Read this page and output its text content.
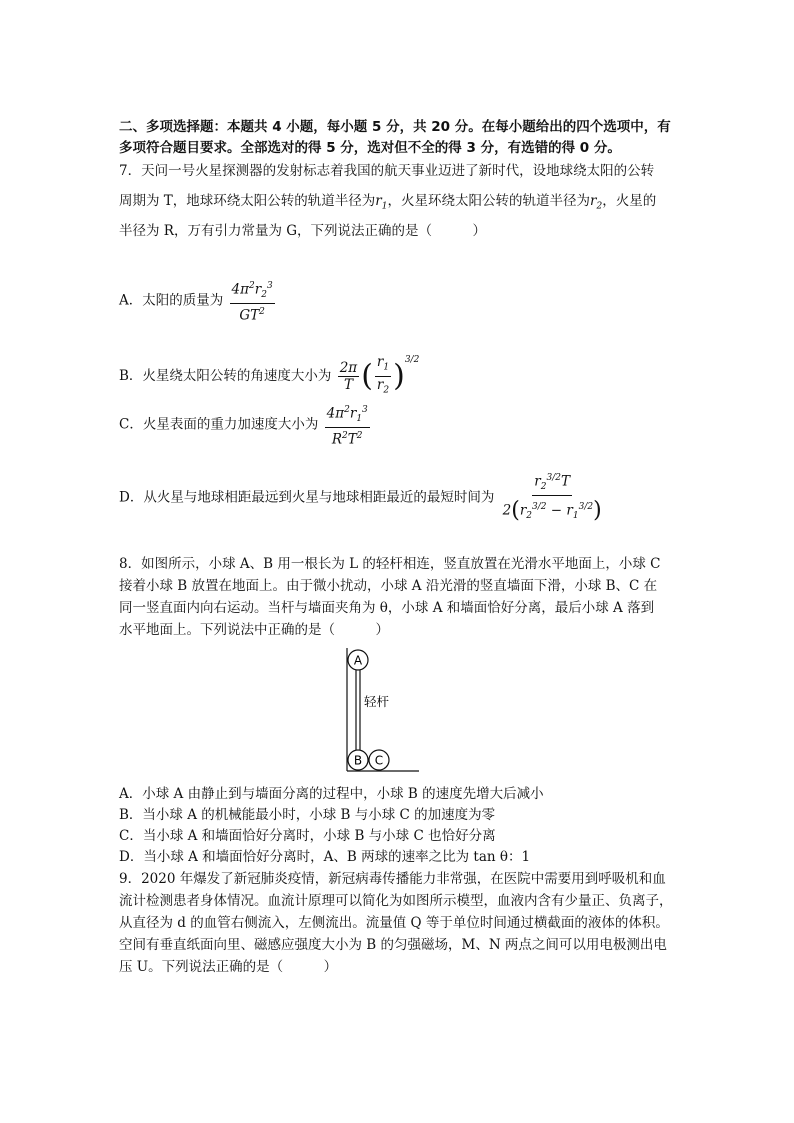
二、多项选择题：本题共 4 小题，每小题 5 分，共 20 分。在每小题给出的四个选项中，有
多项符合题目要求。全部选对的得 5 分，选对但不全的得 3 分，有选错的得 0 分。
7．天问一号火星探测器的发射标志着我国的航天事业迈进了新时代，设地球绕太阳的公转
周期为 T，地球环绕太阳公转的轨道半径为$r_1$，火星环绕太阳公转的轨道半径为$r_2$，火星的
半径为 R，万有引力常量为 G，下列说法正确的是（　　　）
A．太阳的质量为 $\frac{4\pi^2r_2^3}{GT^2}$
B．火星绕太阳公转的角速度大小为 $\frac{2\pi}{T}$ ( $\frac{r_1}{r_2} )^{3/2}$
C．火星表面的重力加速度大小为 $\frac{4\pi^2r_1^3}{R^2T^2}$
D．从火星与地球相距最远到火星与地球相距最近的最短时间为 $\frac{r_2^{3/2}T}{2(r_2^{3/2} - r_1^{3/2})}$
8．如图所示，小球 A、B 用一根长为 L 的轻杆相连，竖直放置在光滑水平地面上，小球 C
接着小球 B 放置在地面上。由于微小扰动，小球 A 沿光滑的竖直墙面下滑，小球 B、C 在
同一竖直面内向右运动。当杆与墙面夹角为 θ，小球 A 和墙面恰好分离，最后小球 A 落到
水平地面上。下列说法中正确的是（　　　）
A
B C
轻杆
A．小球 A 由静止到与墙面分离的过程中，小球 B 的速度先增大后减小
B．当小球 A 的机械能最小时，小球 B 与小球 C 的加速度为零
C．当小球 A 和墙面恰好分离时，小球 B 与小球 C 也恰好分离
D．当小球 A 和墙面恰好分离时，A、B 两球的速率之比为 tan θ：1
9．2020 年爆发了新冠肺炎疫情，新冠病毒传播能力非常强，在医院中需要用到呼吸机和血
流计检测患者身体情况。血流计原理可以简化为如图所示模型，血液内含有少量正、负离子，
从直径为 d 的血管右侧流入，左侧流出。流量值 Q 等于单位时间通过横截面的液体的体积。
空间有垂直纸面向里、磁感应强度大小为 B 的匀强磁场，M、N 两点之间可以用电极测出电
压 U。下列说法正确的是（　　　）
